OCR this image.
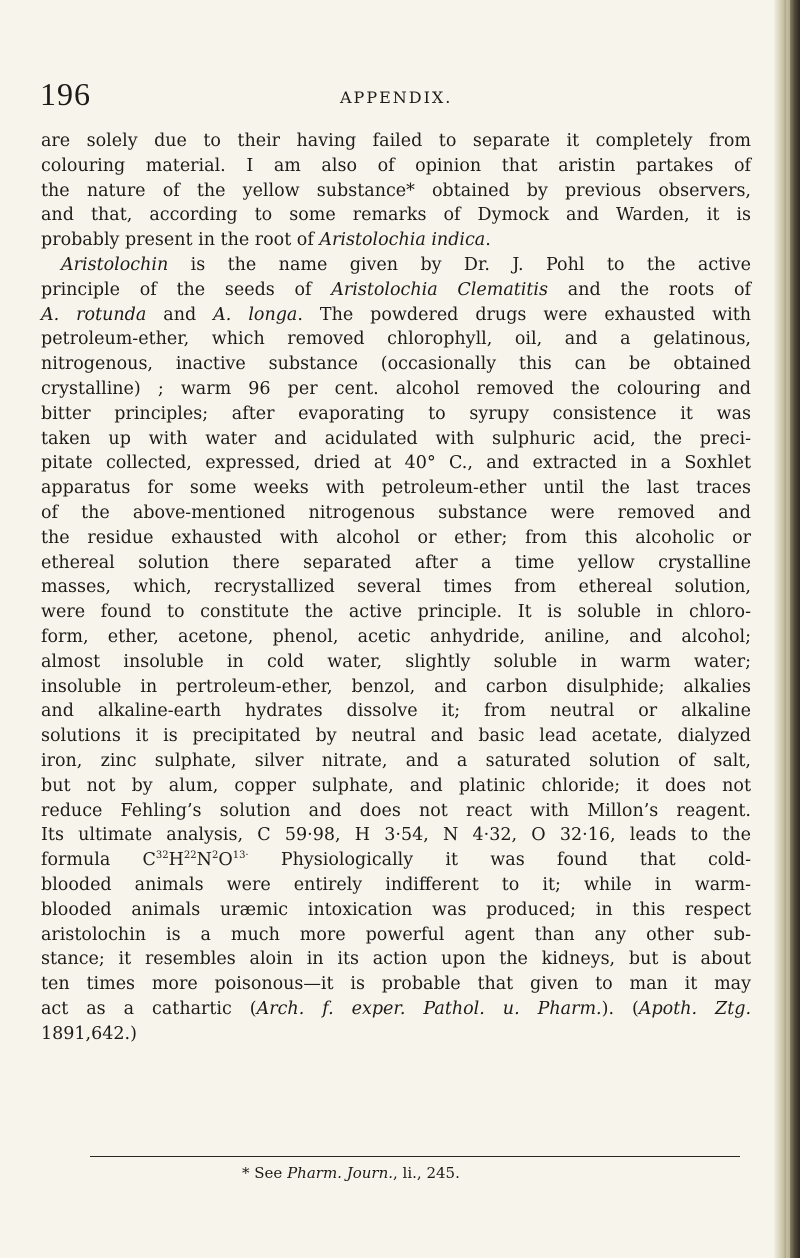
196	APPENDIX.
are solely due to their having failed to separate it completely from
colouring material. I am also of opinion that aristin partakes of
the nature of the yellow substance* obtained by previous observers,
and that, according to some remarks of Dymock and Warden, it is
probably present in the root of Aristolochia indica.
Aristolochin is the name given by Dr. J. Pohl to the active
principle of the seeds of Aristolochia Clematitis and the roots of
A. rotunda and A. longa. The powdered drugs were exhausted with
petroleum-ether, which removed chlorophyll, oil, and a gelatinous,
nitrogenous, inactive substance (occasionally this can be obtained
crystalline) ; warm 96 per cent. alcohol removed the colouring and
bitter principles; after evaporating to syrupy consistence it was
taken up with water and acidulated with sulphuric acid, the preci-
pitate collected, expressed, dried at 40° C., and extracted in a Soxhlet
apparatus for some weeks with petroleum-ether until the last traces
of the above-mentioned nitrogenous substance were removed and
the residue exhausted with alcohol or ether; from this alcoholic or
ethereal solution there separated after a time yellow crystalline
masses, which, recrystallized several times from ethereal solution,
were found to constitute the active principle. It is soluble in chloro-
form, ether, acetone, phenol, acetic anhydride, aniline, and alcohol;
almost insoluble in cold water, slightly soluble in warm water;
insoluble in pertroleum-ether, benzol, and carbon disulphide; alkalies
and alkaline-earth hydrates dissolve it; from neutral or alkaline
solutions it is precipitated by neutral and basic lead acetate, dialyzed
iron, zinc sulphate, silver nitrate, and a saturated solution of salt,
but not by alum, copper sulphate, and platinic chloride; it does not
reduce Fehling’s solution and does not react with Millon’s reagent.
Its ultimate analysis, C 59·98, H 3·54, N 4·32, O 32·16, leads to the
formula $C^{32}H^{22}N^2O^{13\cdot}$ Physiologically it was found that cold-
blooded animals were entirely indifferent to it; while in warm-
blooded animals uræmic intoxication was produced; in this respect
aristolochin is a much more powerful agent than any other sub-
stance; it resembles aloin in its action upon the kidneys, but is about
ten times more poisonous—it is probable that given to man it may
act as a cathartic (Arch. f. exper. Pathol. u. Pharm.). (Apoth. Ztg.
1891,642.)
* See Pharm. Journ., li., 245.
